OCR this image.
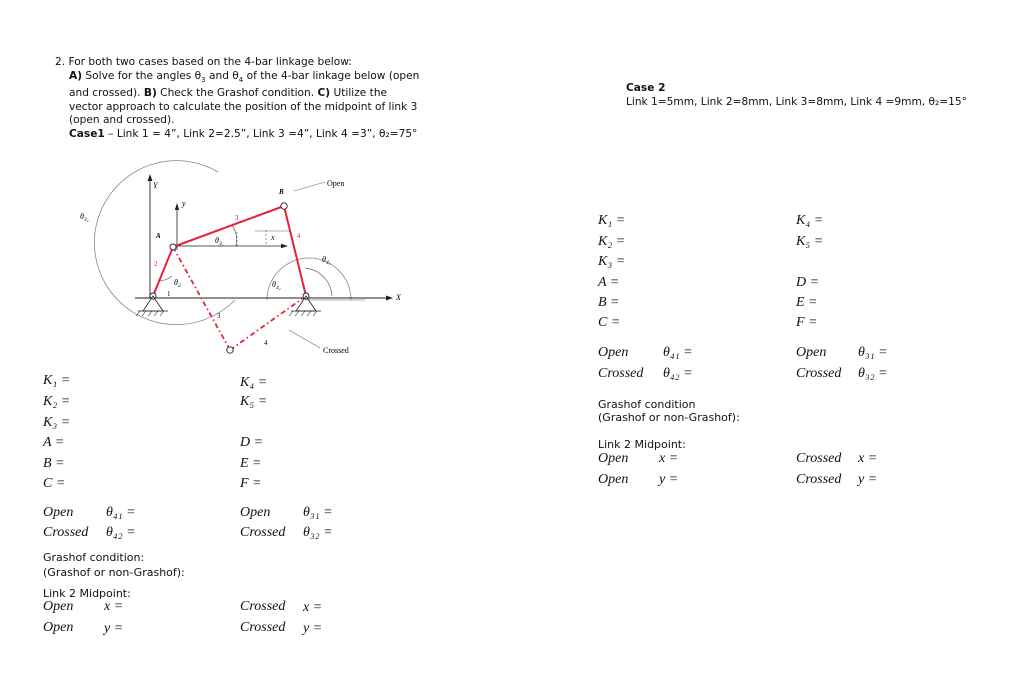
2. For both two cases based on the 4-bar linkage below:
A) Solve for the angles $\theta_3$ and $\theta_4$ of the 4-bar linkage below (open
and crossed). B) Check the Grashof condition. C) Utilize the
vector approach to calculate the position of the midpoint of link 3
(open and crossed).
Case1 – Link 1 = 4”, Link 2=2.5”, Link 3 =4”, Link 4 =3”, θ₂=75°
Case 2
Link 1=5mm, Link 2=8mm, Link 3=8mm, Link 4 =9mm, θ₂=15°
Y
y
x
X
A
B
$\theta_{3_2}$
$\theta_{3_1}$
$\theta_{4_1}$
$\theta_{4_2}$
$\theta_2$
1
2
3
4
3
4
Open
Crossed
K₁ =
K₂ =
K₃ =
K₄ =
K₅ =
A =
B =
C =
D =
E =
F =
Open θ₄₁ =
Crossed θ₄₂ =
Open θ₃₁ =
Crossed θ₃₂ =
Grashof condition:
(Grashof or non-Grashof):
Link 2 Midpoint:
Open x =
Open y =
Crossed x =
Crossed y =
K₁ =
K₂ =
K₃ =
K₄ =
K₅ =
A =
B =
C =
D =
E =
F =
Open θ₄₁ =
Crossed θ₄₂ =
Open θ₃₁ =
Crossed θ₃₂ =
Grashof condition
(Grashof or non-Grashof):
Link 2 Midpoint:
Open x =
Open y =
Crossed x =
Crossed y =
